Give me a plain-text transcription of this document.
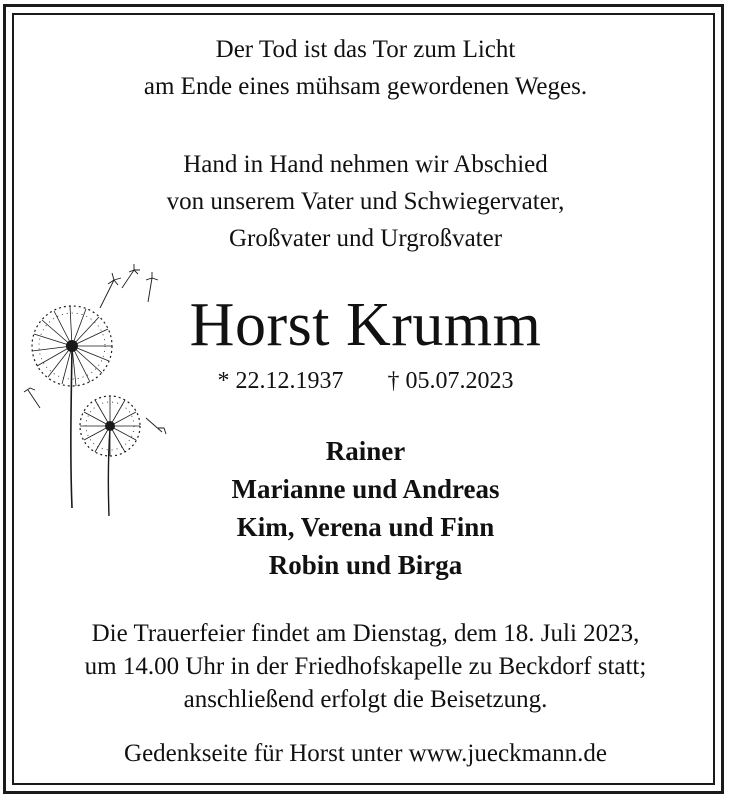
Der Tod ist das Tor zum Licht
am Ende eines mühsam gewordenen Weges.
Hand in Hand nehmen wir Abschied
von unserem Vater und Schwiegervater,
Großvater und Urgroßvater
Horst Krumm
* 22.12.1937 † 05.07.2023
Rainer
Marianne und Andreas
Kim, Verena und Finn
Robin und Birga
Die Trauerfeier findet am Dienstag, dem 18. Juli 2023,
um 14.00 Uhr in der Friedhofskapelle zu Beckdorf statt;
anschließend erfolgt die Beisetzung.
Gedenkseite für Horst unter www.jueckmann.de
